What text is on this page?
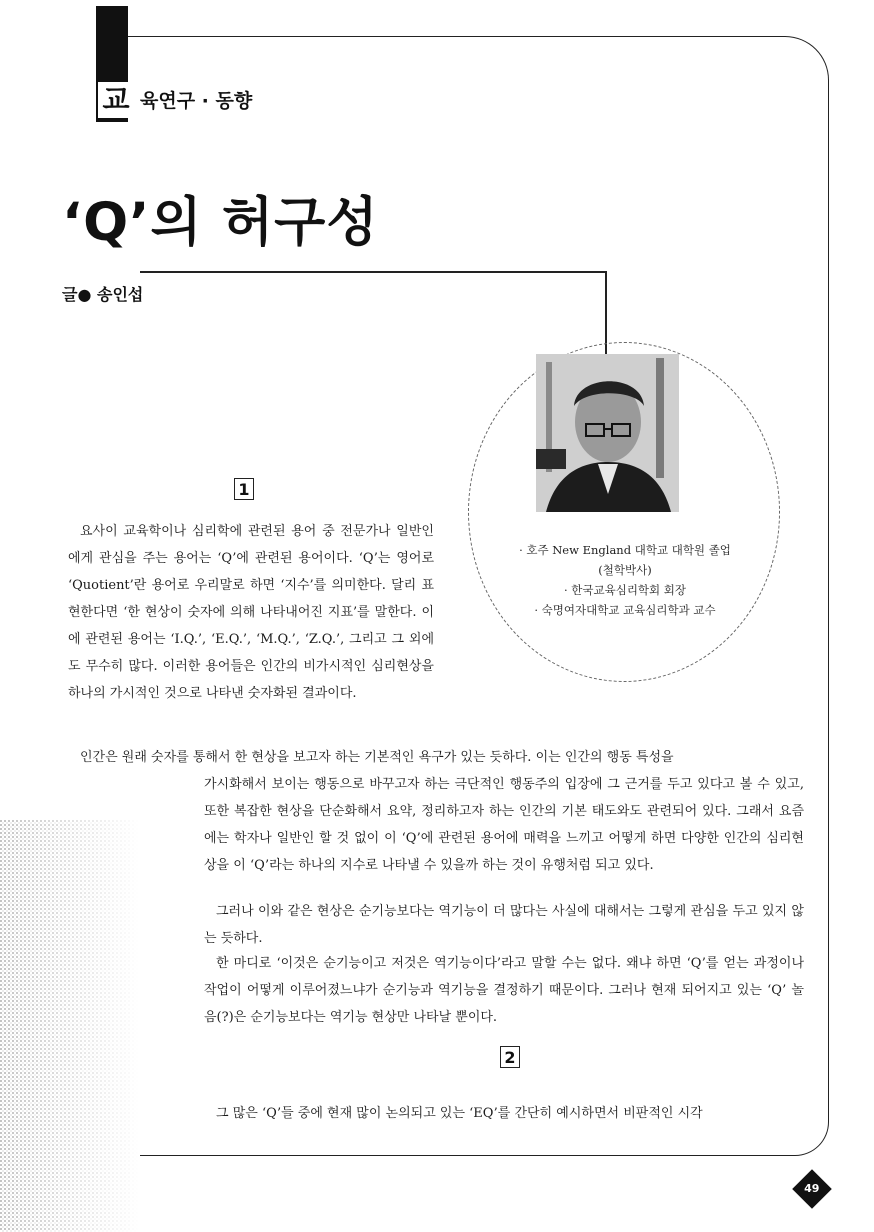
교 육연구 · 동향
‘Q’의 허구성
글● 송인섭
· 호주 New England 대학교 대학원 졸업
(철학박사)
· 한국교육심리학회 회장
· 숙명여자대학교 교육심리학과 교수
1

요사이 교육학이나 심리학에 관련된 용어 중 전문가나 일반인에게 관심을 주는 용어는 ‘Q’에 관련된 용어이다. ‘Q’는 영어로 ‘Quotient’란 용어로 우리말로 하면 ‘지수’를 의미한다. 달리 표현한다면 ‘한 현상이 숫자에 의해 나타내어진 지표’를 말한다. 이에 관련된 용어는 ‘I.Q.’, ‘E.Q.’, ‘M.Q.’, ‘Z.Q.’, 그리고 그 외에도 무수히 많다. 이러한 용어들은 인간의 비가시적인 심리현상을 하나의 가시적인 것으로 나타낸 숫자화된 결과이다.

인간은 원래 숫자를 통해서 한 현상을 보고자 하는 기본적인 욕구가 있는 듯하다. 이는 인간의 행동 특성을

가시화해서 보이는 행동으로 바꾸고자 하는 극단적인 행동주의 입장에 그 근거를 두고 있다고 볼 수 있고, 또한 복잡한 현상을 단순화해서 요약, 정리하고자 하는 인간의 기본 태도와도 관련되어 있다. 그래서 요즘에는 학자나 일반인 할 것 없이 이 ‘Q’에 관련된 용어에 매력을 느끼고 어떻게 하면 다양한 인간의 심리현상을 이 ‘Q’라는 하나의 지수로 나타낼 수 있을까 하는 것이 유행처럼 되고 있다.

그러나 이와 같은 현상은 순기능보다는 역기능이 더 많다는 사실에 대해서는 그렇게 관심을 두고 있지 않는 듯하다.

한 마디로 ‘이것은 순기능이고 저것은 역기능이다’라고 말할 수는 없다. 왜냐 하면 ‘Q’를 얻는 과정이나 작업이 어떻게 이루어졌느냐가 순기능과 역기능을 결정하기 때문이다. 그러나 현재 되어지고 있는 ‘Q’ 놀음(?)은 순기능보다는 역기능 현상만 나타날 뿐이다.

2

그 많은 ‘Q’들 중에 현재 많이 논의되고 있는 ‘EQ’를 간단히 예시하면서 비판적인 시각

49
